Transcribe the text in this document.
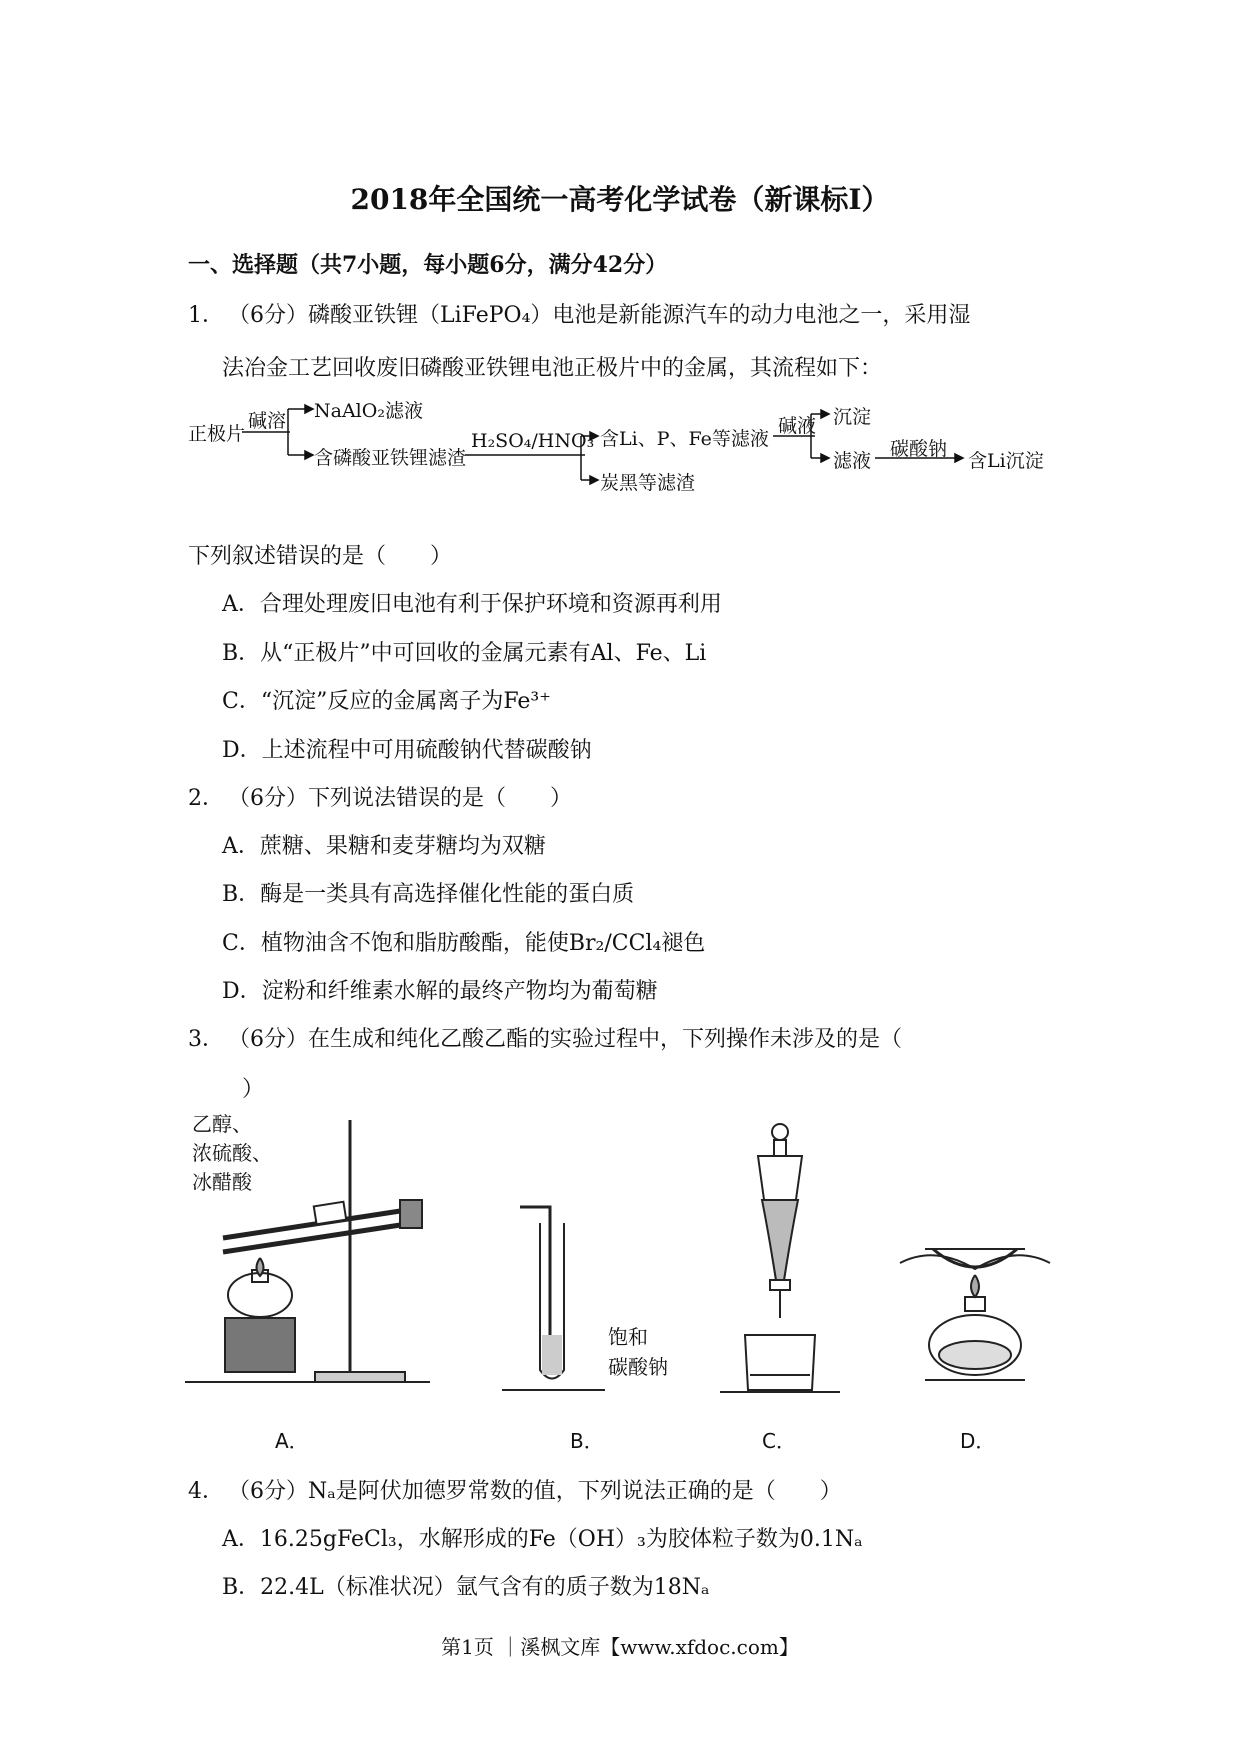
2018年全国统一高考化学试卷（新课标Ⅰ）
一、选择题（共7小题，每小题6分，满分42分）
1． （6分）磷酸亚铁锂（LiFePO₄）电池是新能源汽车的动力电池之一，采用湿
法冶金工艺回收废旧磷酸亚铁锂电池正极片中的金属，其流程如下：
正极片
碱溶 NaAlO₂滤液
含磷酸亚铁锂滤渣
H₂SO₄/HNO₃ 含Li、P、Fe等滤液
炭黑等滤渣
碱液 沉淀
滤液
碳酸钠
含Li沉淀
下列叙述错误的是（　　）
A．合理处理废旧电池有利于保护环境和资源再利用
B．从“正极片”中可回收的金属元素有Al、Fe、Li
C．“沉淀”反应的金属离子为Fe³⁺
D．上述流程中可用硫酸钠代替碳酸钠
2． （6分）下列说法错误的是（　　）
A．蔗糖、果糖和麦芽糖均为双糖
B．酶是一类具有高选择催化性能的蛋白质
C．植物油含不饱和脂肪酸酯，能使Br₂/CCl₄褪色
D．淀粉和纤维素水解的最终产物均为葡萄糖
3． （6分）在生成和纯化乙酸乙酯的实验过程中，下列操作未涉及的是（
）
乙醇、
浓硫酸、
冰醋酸
饱和
碳酸钠
A．	B．	C．	D．
4． （6分）Nₐ是阿伏加德罗常数的值，下列说法正确的是（　　）
A．16.25gFeCl₃，水解形成的Fe（OH）₃为胶体粒子数为0.1Nₐ
B．22.4L（标准状况）氩气含有的质子数为18Nₐ
第1页 ｜溪枫文库【www.xfdoc.com】
